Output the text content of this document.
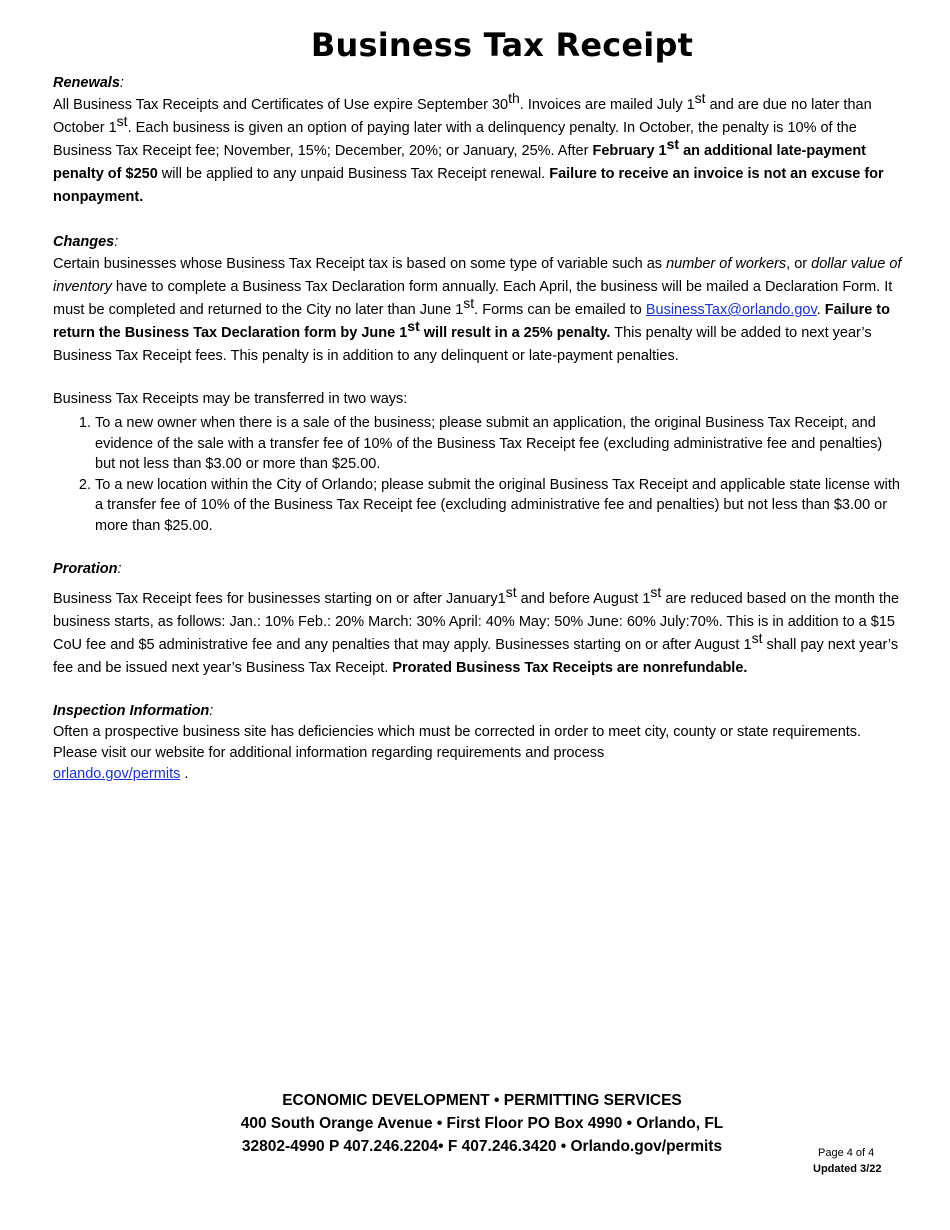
Business Tax Receipt
Renewals:

All Business Tax Receipts and Certificates of Use expire September 30th. Invoices are mailed July 1st and are due no later than October 1st. Each business is given an option of paying later with a delinquency penalty. In October, the penalty is 10% of the Business Tax Receipt fee; November, 15%; December, 20%; or January, 25%. After February 1st an additional late-payment penalty of $250 will be applied to any unpaid Business Tax Receipt renewal. Failure to receive an invoice is not an excuse for nonpayment.

Changes:

Certain businesses whose Business Tax Receipt tax is based on some type of variable such as number of workers, or dollar value of inventory have to complete a Business Tax Declaration form annually. Each April, the business will be mailed a Declaration Form. It must be completed and returned to the City no later than June 1st. Forms can be emailed to BusinessTax@orlando.gov. Failure to return the Business Tax Declaration form by June 1st will result in a 25% penalty. This penalty will be added to next year’s Business Tax Receipt fees. This penalty is in addition to any delinquent or late-payment penalties.

Business Tax Receipts may be transferred in two ways:

1. To a new owner when there is a sale of the business; please submit an application, the original Business Tax Receipt, and evidence of the sale with a transfer fee of 10% of the Business Tax Receipt fee (excluding administrative fee and penalties) but not less than $3.00 or more than $25.00.
2. To a new location within the City of Orlando; please submit the original Business Tax Receipt and applicable state license with a transfer fee of 10% of the Business Tax Receipt fee (excluding administrative fee and penalties) but not less than $3.00 or more than $25.00.
Proration:

Business Tax Receipt fees for businesses starting on or after January1st and before August 1st are reduced based on the month the business starts, as follows: Jan.: 10% Feb.: 20% March: 30% April: 40% May: 50% June: 60% July:70%. This is in addition to a $15 CoU fee and $5 administrative fee and any penalties that may apply. Businesses starting on or after August 1st shall pay next year’s fee and be issued next year’s Business Tax Receipt. Prorated Business Tax Receipts are nonrefundable.

Inspection Information:

Often a prospective business site has deficiencies which must be corrected in order to meet city, county or state requirements. Please visit our website for additional information regarding requirements and process
orlando.gov/permits .

ECONOMIC DEVELOPMENT • PERMITTING SERVICES
400 South Orange Avenue • First Floor PO Box 4990 • Orlando, FL
32802-4990 P 407.246.2204• F 407.246.3420 • Orlando.gov/permits	Page 4 of 4
Updated 3/22
